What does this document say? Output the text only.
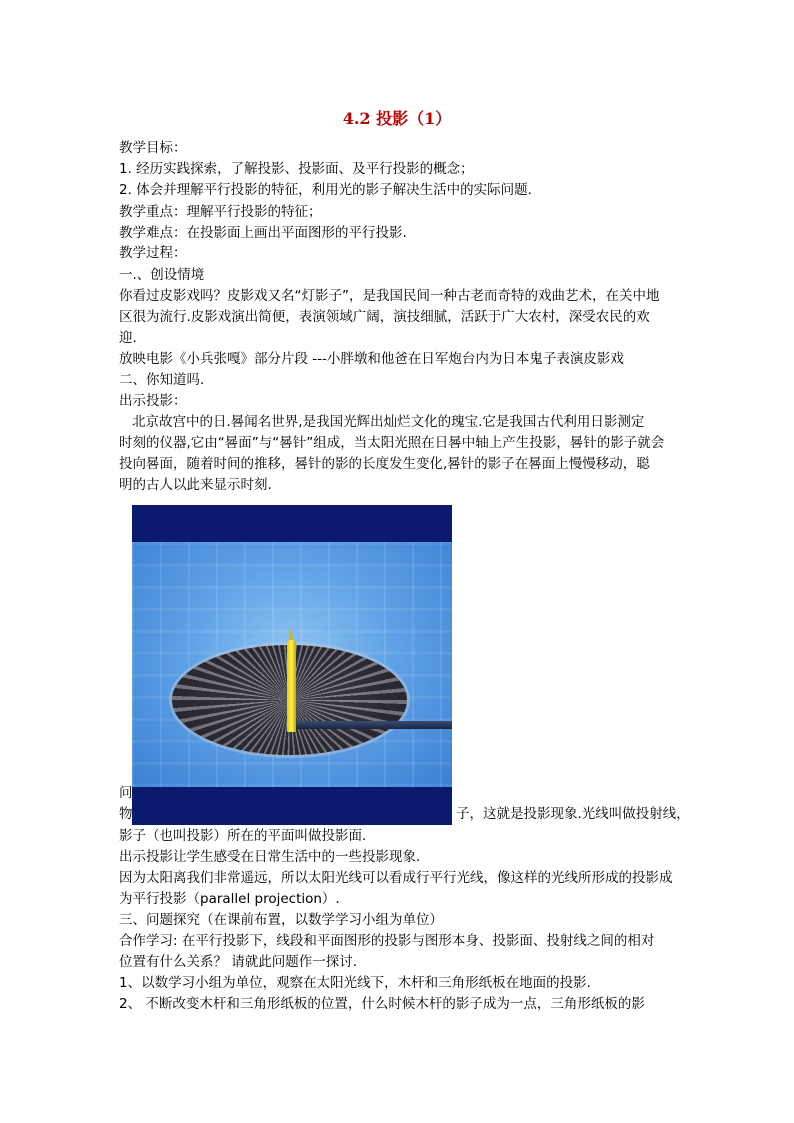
4.2 投影（1）
教学目标：
1. 经历实践探索，了解投影、投影面、及平行投影的概念；
2. 体会并理解平行投影的特征，利用光的影子解决生活中的实际问题.
教学重点：理解平行投影的特征；
教学难点：在投影面上画出平面图形的平行投影.
教学过程：
一.、创设情境
你看过皮影戏吗？皮影戏又名“灯影子”，是我国民间一种古老而奇特的戏曲艺术，在关中地
区很为流行.皮影戏演出简便，表演领域广阔，演技细腻，活跃于广大农村，深受农民的欢
迎.
放映电影《小兵张嘎》部分片段 ---小胖墩和他爸在日军炮台内为日本鬼子表演皮影戏
二、你知道吗.
出示投影：
北京故宫中的日.晷闻名世界,是我国光辉出灿烂文化的瑰宝.它是我国古代利用日影测定
时刻的仪器,它由“晷面”与“晷针”组成，当太阳光照在日晷中轴上产生投影，晷针的影子就会
投向晷面，随着时间的推移，晷针的影的长度发生变化,晷针的影子在晷面上慢慢移动，聪
明的古人以此来显示时刻.
问
物	子，这就是投影现象.光线叫做投射线，
影子（也叫投影）所在的平面叫做投影面.
出示投影让学生感受在日常生活中的一些投影现象.
因为太阳离我们非常遥远，所以太阳光线可以看成行平行光线，像这样的光线所形成的投影成
为平行投影（parallel projection）.
三、问题探究（在课前布置，以数学学习小组为单位）
合作学习: 在平行投影下，线段和平面图形的投影与图形本身、投影面、投射线之间的相对
位置有什么关系？ 请就此问题作一探讨.
1、以数学习小组为单位，观察在太阳光线下，木杆和三角形纸板在地面的投影.
2、 不断改变木杆和三角形纸板的位置，什么时候木杆的影子成为一点，三角形纸板的影
